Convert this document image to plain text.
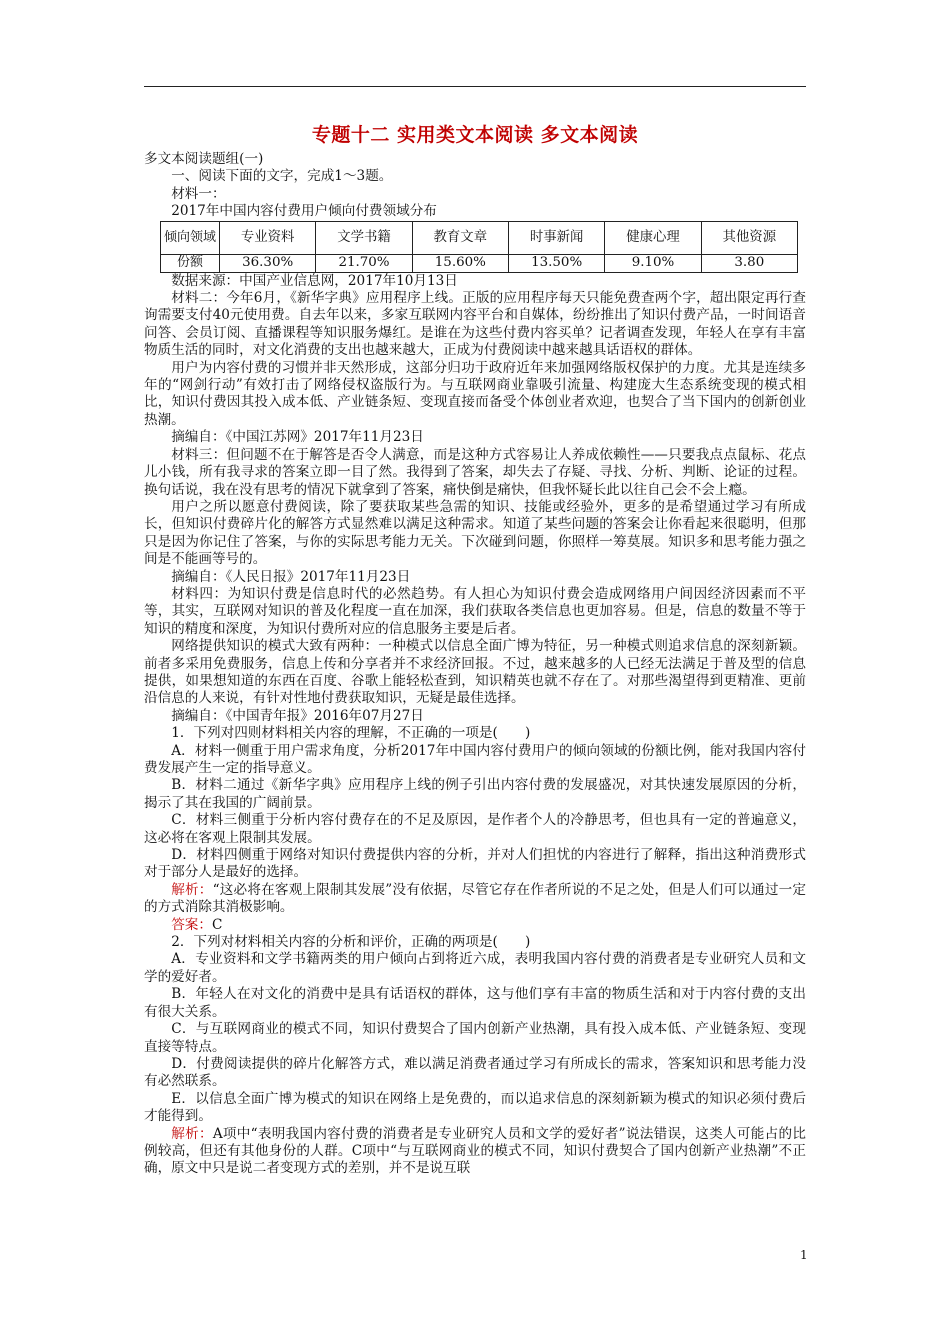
专题十二 实用类文本阅读 多文本阅读

多文本阅读题组(一)

一、阅读下面的文字，完成1～3题。

材料一：

2017年中国内容付费用户倾向付费领域分布

倾向领域	专业资料	文学书籍	教育文章	时事新闻	健康心理	其他资源
份额	36.30%	21.70%	15.60%	13.50%	9.10%	3.80

数据来源：中国产业信息网，2017年10月13日

材料二：今年6月，《新华字典》应用程序上线。正版的应用程序每天只能免费查两个字，超出限定再行查询需要支付40元使用费。自去年以来，多家互联网内容平台和自媒体，纷纷推出了知识付费产品，一时间语音问答、会员订阅、直播课程等知识服务爆红。是谁在为这些付费内容买单？记者调查发现，年轻人在享有丰富物质生活的同时，对文化消费的支出也越来越大，正成为付费阅读中越来越具话语权的群体。

用户为内容付费的习惯并非天然形成，这部分归功于政府近年来加强网络版权保护的力度。尤其是连续多年的“网剑行动”有效打击了网络侵权盗版行为。与互联网商业靠吸引流量、构建庞大生态系统变现的模式相比，知识付费因其投入成本低、产业链条短、变现直接而备受个体创业者欢迎，也契合了当下国内的创新创业热潮。

摘编自：《中国江苏网》2017年11月23日

材料三：但问题不在于解答是否令人满意，而是这种方式容易让人养成依赖性——只要我点点鼠标、花点儿小钱，所有我寻求的答案立即一目了然。我得到了答案，却失去了存疑、寻找、分析、判断、论证的过程。换句话说，我在没有思考的情况下就拿到了答案，痛快倒是痛快，但我怀疑长此以往自己会不会上瘾。

用户之所以愿意付费阅读，除了要获取某些急需的知识、技能或经验外，更多的是希望通过学习有所成长，但知识付费碎片化的解答方式显然难以满足这种需求。知道了某些问题的答案会让你看起来很聪明，但那只是因为你记住了答案，与你的实际思考能力无关。下次碰到问题，你照样一筹莫展。知识多和思考能力强之间是不能画等号的。

摘编自：《人民日报》2017年11月23日

材料四：为知识付费是信息时代的必然趋势。有人担心为知识付费会造成网络用户间因经济因素而不平等，其实，互联网对知识的普及化程度一直在加深，我们获取各类信息也更加容易。但是，信息的数量不等于知识的精度和深度，为知识付费所对应的信息服务主要是后者。

网络提供知识的模式大致有两种：一种模式以信息全面广博为特征，另一种模式则追求信息的深刻新颖。前者多采用免费服务，信息上传和分享者并不求经济回报。不过，越来越多的人已经无法满足于普及型的信息提供，如果想知道的东西在百度、谷歌上能轻松查到，知识精英也就不存在了。对那些渴望得到更精准、更前沿信息的人来说，有针对性地付费获取知识，无疑是最佳选择。

摘编自：《中国青年报》2016年07月27日

1．下列对四则材料相关内容的理解，不正确的一项是(　　)

A．材料一侧重于用户需求角度，分析2017年中国内容付费用户的倾向领域的份额比例，能对我国内容付费发展产生一定的指导意义。

B．材料二通过《新华字典》应用程序上线的例子引出内容付费的发展盛况，对其快速发展原因的分析，揭示了其在我国的广阔前景。

C．材料三侧重于分析内容付费存在的不足及原因，是作者个人的冷静思考，但也具有一定的普遍意义，这必将在客观上限制其发展。

D．材料四侧重于网络对知识付费提供内容的分析，并对人们担忧的内容进行了解释，指出这种消费形式对于部分人是最好的选择。

解析：“这必将在客观上限制其发展”没有依据，尽管它存在作者所说的不足之处，但是人们可以通过一定的方式消除其消极影响。

答案：C

2．下列对材料相关内容的分析和评价，正确的两项是(　　)

A．专业资料和文学书籍两类的用户倾向占到将近六成，表明我国内容付费的消费者是专业研究人员和文学的爱好者。

B．年轻人在对文化的消费中是具有话语权的群体，这与他们享有丰富的物质生活和对于内容付费的支出有很大关系。

C．与互联网商业的模式不同，知识付费契合了国内创新产业热潮，具有投入成本低、产业链条短、变现直接等特点。

D．付费阅读提供的碎片化解答方式，难以满足消费者通过学习有所成长的需求，答案知识和思考能力没有必然联系。

E．以信息全面广博为模式的知识在网络上是免费的，而以追求信息的深刻新颖为模式的知识必须付费后才能得到。

解析：A项中“表明我国内容付费的消费者是专业研究人员和文学的爱好者”说法错误，这类人可能占的比例较高，但还有其他身份的人群。C项中“与互联网商业的模式不同，知识付费契合了国内创新产业热潮”不正确，原文中只是说二者变现方式的差别，并不是说互联

1
